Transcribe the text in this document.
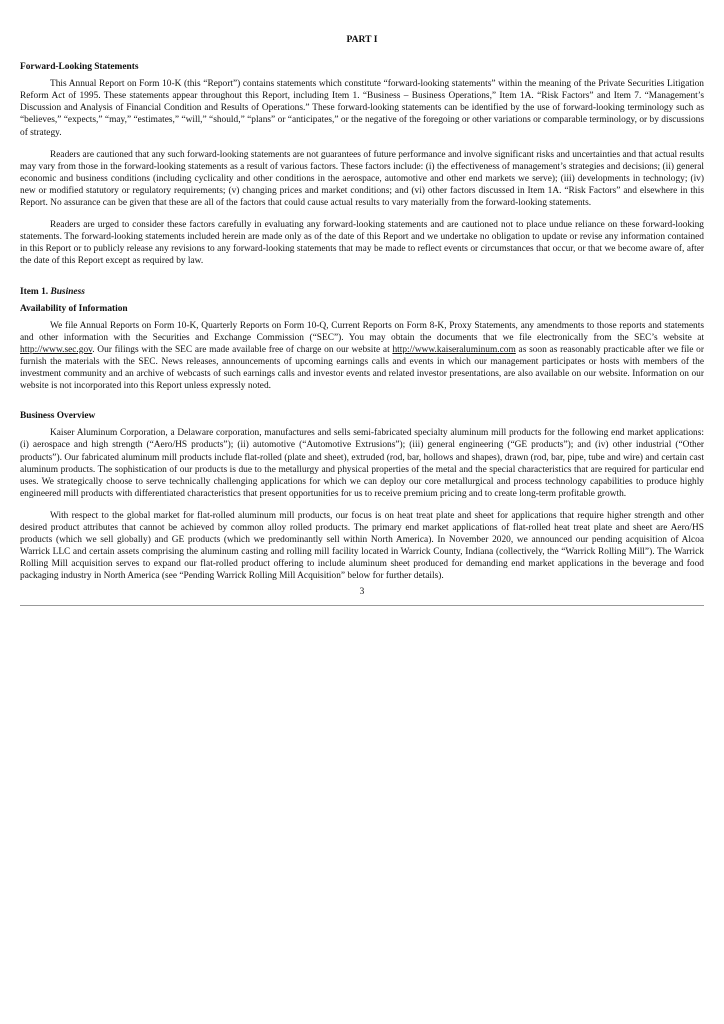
PART I
Forward-Looking Statements

This Annual Report on Form 10-K (this “Report”) contains statements which constitute “forward-looking statements” within the meaning of the Private Securities Litigation Reform Act of 1995. These statements appear throughout this Report, including Item 1. “Business – Business Operations,” Item 1A. “Risk Factors” and Item 7. “Management’s Discussion and Analysis of Financial Condition and Results of Operations.” These forward-looking statements can be identified by the use of forward-looking terminology such as “believes,” “expects,” “may,” “estimates,” “will,” “should,” “plans” or “anticipates,” or the negative of the foregoing or other variations or comparable terminology, or by discussions of strategy.

Readers are cautioned that any such forward-looking statements are not guarantees of future performance and involve significant risks and uncertainties and that actual results may vary from those in the forward-looking statements as a result of various factors. These factors include: (i) the effectiveness of management’s strategies and decisions; (ii) general economic and business conditions (including cyclicality and other conditions in the aerospace, automotive and other end markets we serve); (iii) developments in technology; (iv) new or modified statutory or regulatory requirements; (v) changing prices and market conditions; and (vi) other factors discussed in Item 1A. “Risk Factors” and elsewhere in this Report. No assurance can be given that these are all of the factors that could cause actual results to vary materially from the forward-looking statements.

Readers are urged to consider these factors carefully in evaluating any forward-looking statements and are cautioned not to place undue reliance on these forward-looking statements. The forward-looking statements included herein are made only as of the date of this Report and we undertake no obligation to update or revise any information contained in this Report or to publicly release any revisions to any forward-looking statements that may be made to reflect events or circumstances that occur, or that we become aware of, after the date of this Report except as required by law.

Item 1. Business
Availability of Information

We file Annual Reports on Form 10-K, Quarterly Reports on Form 10-Q, Current Reports on Form 8-K, Proxy Statements, any amendments to those reports and statements and other information with the Securities and Exchange Commission (“SEC”). You may obtain the documents that we file electronically from the SEC’s website at http://www.sec.gov. Our filings with the SEC are made available free of charge on our website at http://www.kaiseraluminum.com as soon as reasonably practicable after we file or furnish the materials with the SEC. News releases, announcements of upcoming earnings calls and events in which our management participates or hosts with members of the investment community and an archive of webcasts of such earnings calls and investor events and related investor presentations, are also available on our website. Information on our website is not incorporated into this Report unless expressly noted.

Business Overview

Kaiser Aluminum Corporation, a Delaware corporation, manufactures and sells semi-fabricated specialty aluminum mill products for the following end market applications: (i) aerospace and high strength (“Aero/HS products”); (ii) automotive (“Automotive Extrusions”); (iii) general engineering (“GE products”); and (iv) other industrial (“Other products”). Our fabricated aluminum mill products include flat-rolled (plate and sheet), extruded (rod, bar, hollows and shapes), drawn (rod, bar, pipe, tube and wire) and certain cast aluminum products. The sophistication of our products is due to the metallurgy and physical properties of the metal and the special characteristics that are required for particular end uses. We strategically choose to serve technically challenging applications for which we can deploy our core metallurgical and process technology capabilities to produce highly engineered mill products with differentiated characteristics that present opportunities for us to receive premium pricing and to create long-term profitable growth.

With respect to the global market for flat-rolled aluminum mill products, our focus is on heat treat plate and sheet for applications that require higher strength and other desired product attributes that cannot be achieved by common alloy rolled products. The primary end market applications of flat-rolled heat treat plate and sheet are Aero/HS products (which we sell globally) and GE products (which we predominantly sell within North America). In November 2020, we announced our pending acquisition of Alcoa Warrick LLC and certain assets comprising the aluminum casting and rolling mill facility located in Warrick County, Indiana (collectively, the “Warrick Rolling Mill”). The Warrick Rolling Mill acquisition serves to expand our flat-rolled product offering to include aluminum sheet produced for demanding end market applications in the beverage and food packaging industry in North America (see “Pending Warrick Rolling Mill Acquisition” below for further details).

3
